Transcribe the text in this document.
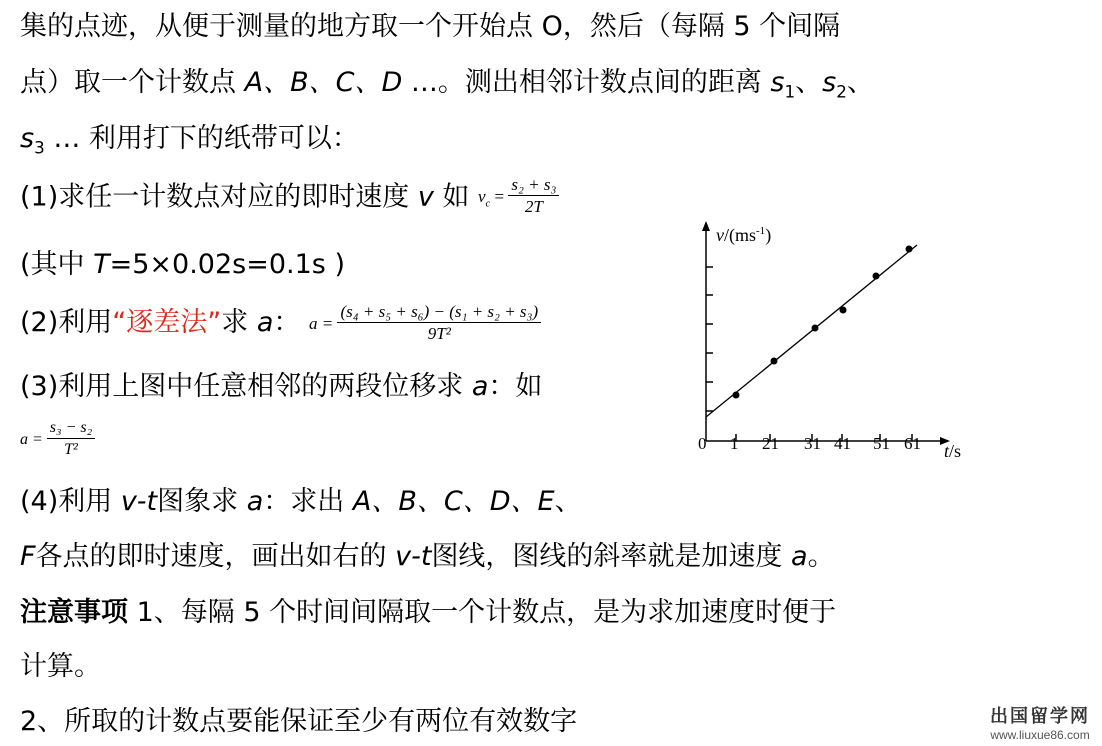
集的点迹，从便于测量的地方取一个开始点 O，然后（每隔 5 个间隔
点）取一个计数点 A、B、C、D …。测出相邻计数点间的距离 $s_1$、$s_2$、
$s_3$ … 利用打下的纸带可以：
(1)求任一计数点对应的即时速度 v 如 $v_c = \frac{\text{s₂ + s₃}}{2T}$
(其中 T=5×0.02s=0.1s )
(2)利用“逐差法”求 a： $a = \frac{\text{(s₄ + s₅ + s₆) − (s₁ + s₂ + s₃)}}{\text{9T²}}$
(3)利用上图中任意相邻的两段位移求 a：如
$a = \frac{\text{s₃ − s₂}}{\text{T²}}$
(4)利用 v-t图象求 a：求出 A、B、C、D、E、
F各点的即时速度，画出如右的 v-t图线，图线的斜率就是加速度 a。
注意事项 1、每隔 5 个时间间隔取一个计数点，是为求加速度时便于
计算。
2、所取的计数点要能保证至少有两位有效数字
$v/(ms^{-1})$
0 1 21 31 41 51 61 t/s
出国留学网
www.liuxue86.com
